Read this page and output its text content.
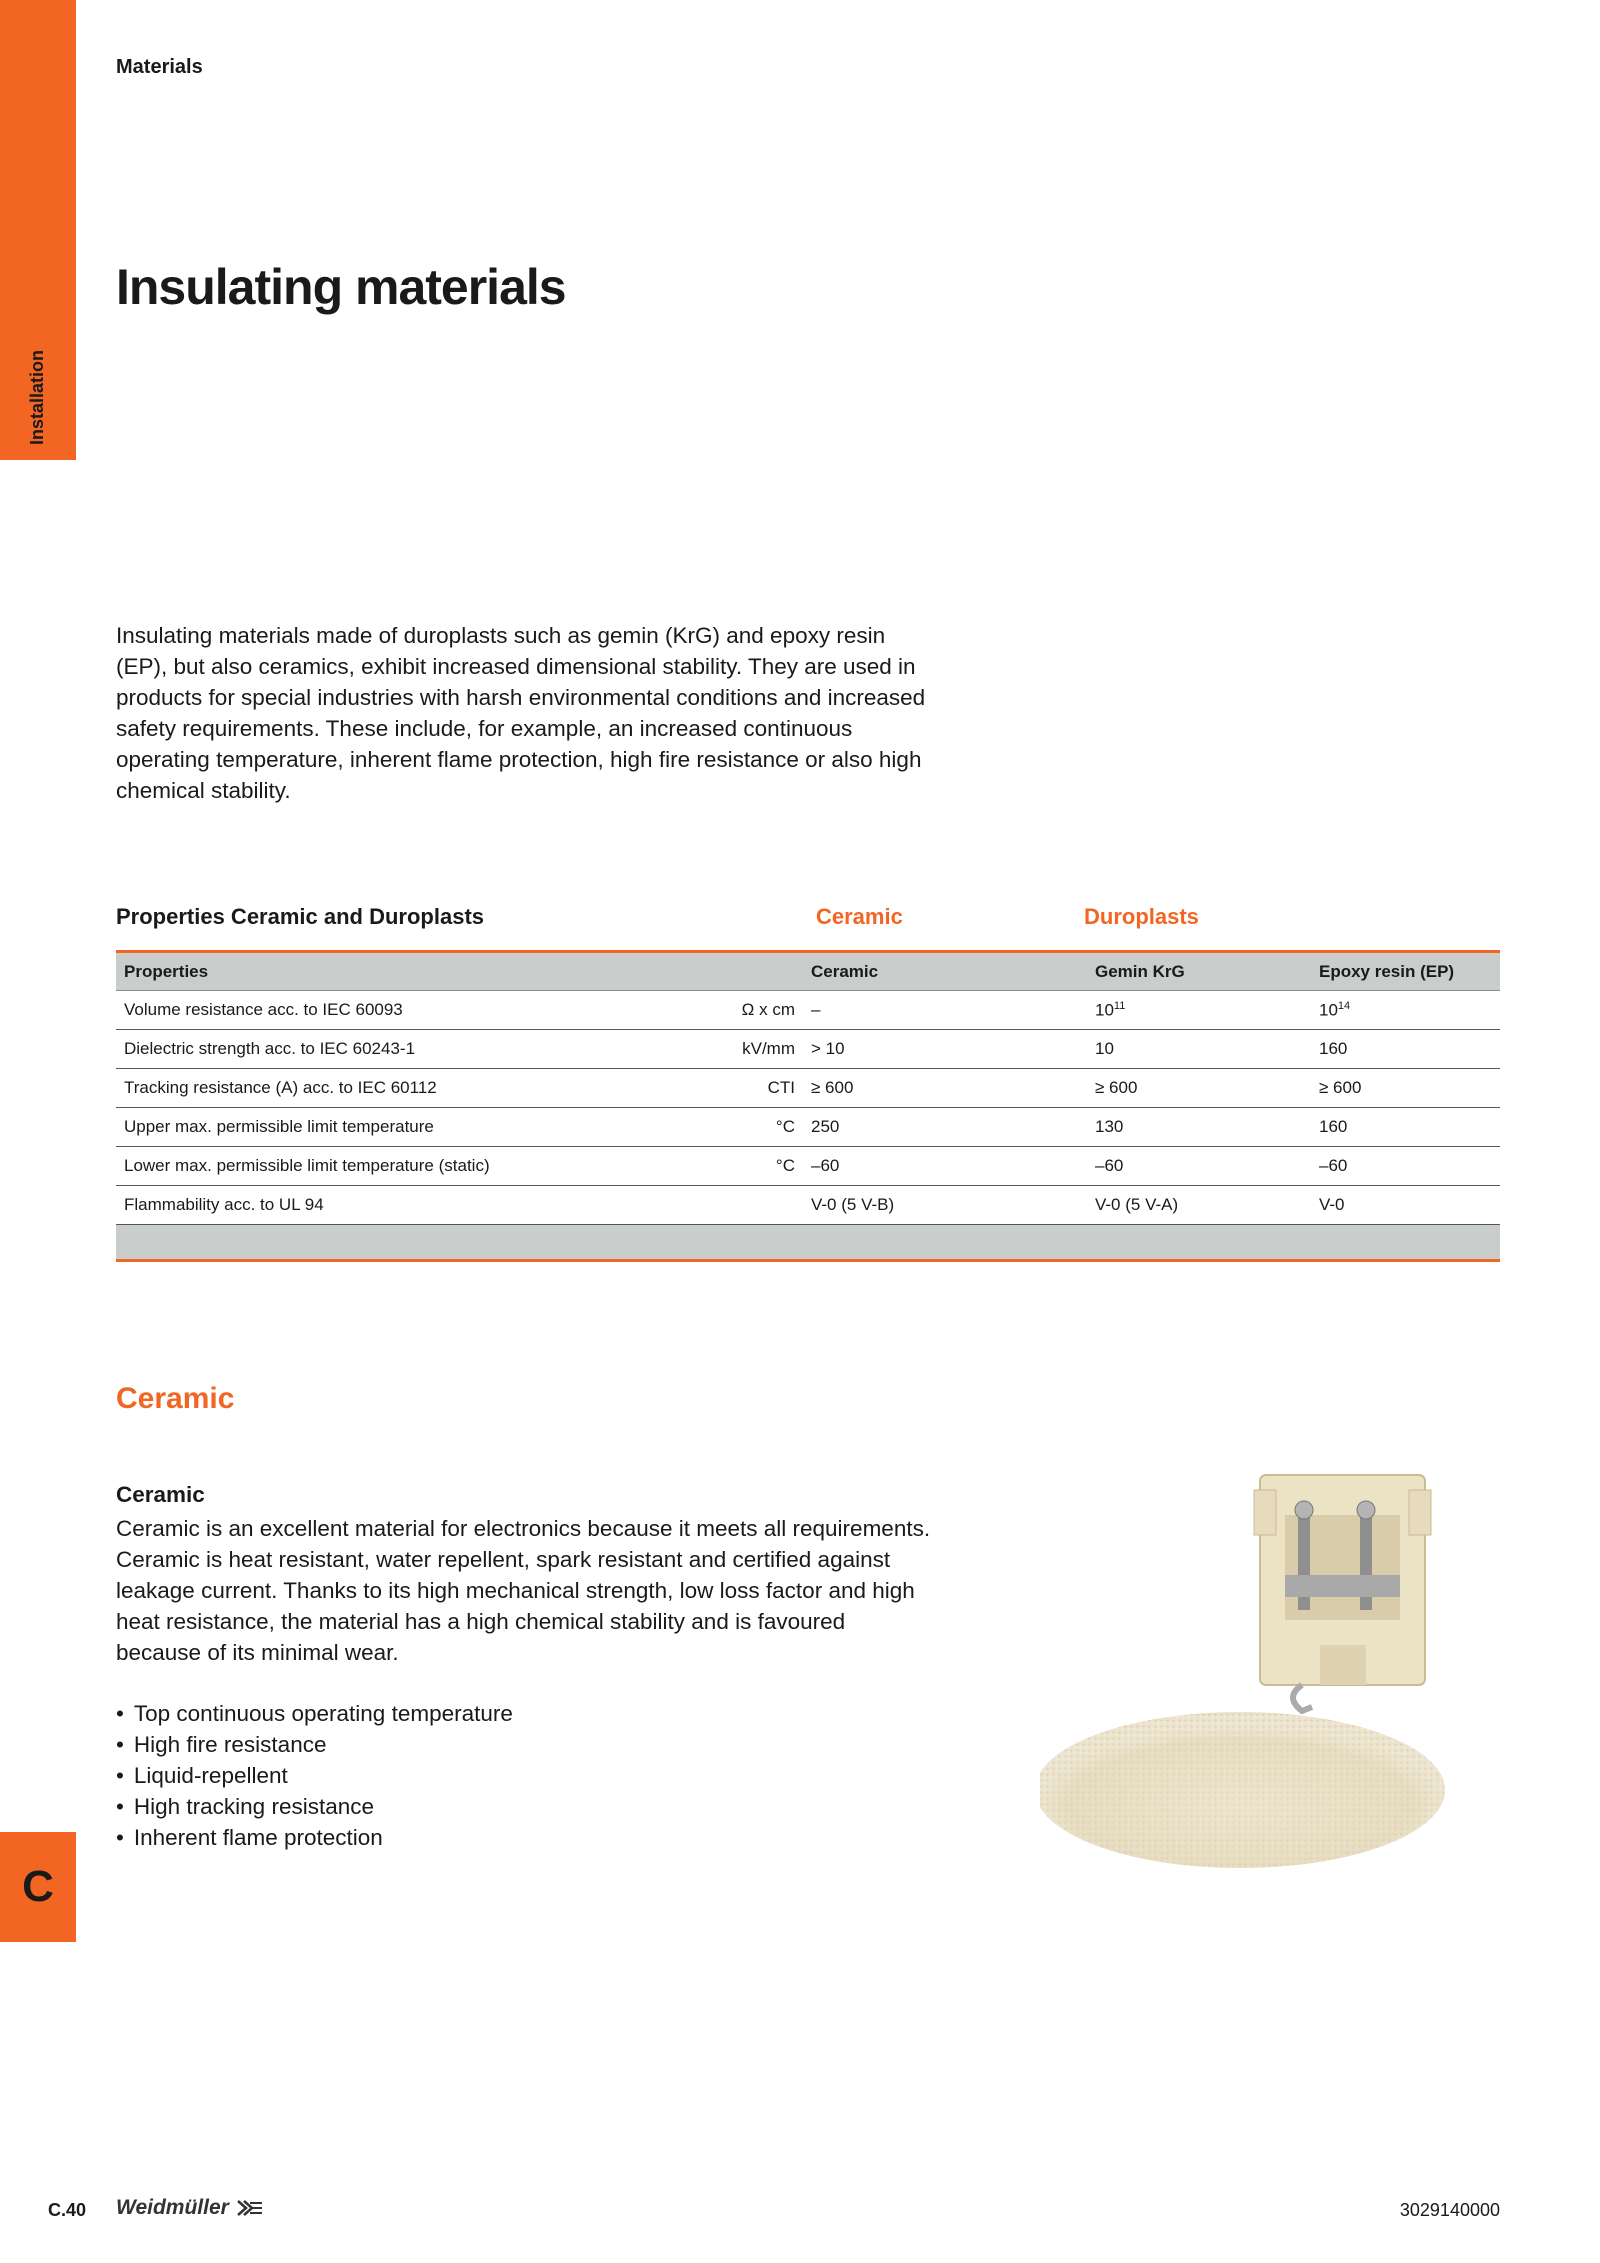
Installation
C
Materials
Insulating materials
Insulating materials made of duroplasts such as gemin (KrG) and epoxy resin (EP), but also ceramics, exhibit increased dimensional stability. They are used in products for special industries with harsh environmental conditions and increased safety requirements. These include, for example, an increased continuous operating temperature, inherent flame protection, high fire resistance or also high chemical stability.
Properties Ceramic and Duroplasts	Ceramic	Duroplasts
Properties		Ceramic	Gemin KrG	Epoxy resin (EP)
Volume resistance acc. to IEC 60093	Ω x cm	–	$10^{11}$	$10^{14}$
Dielectric strength acc. to IEC 60243-1	kV/mm	> 10	10	160
Tracking resistance (A) acc. to IEC 60112	CTI	≥ 600	≥ 600	≥ 600
Upper max. permissible limit temperature	°C	250	130	160
Lower max. permissible limit temperature (static)	°C	–60	–60	–60
Flammability acc. to UL 94		V-0 (5 V-B)	V-0 (5 V-A)	V-0

Ceramic
Ceramic
Ceramic is an excellent material for electronics because it meets all requirements. Ceramic is heat resistant, water repellent, spark resistant and certified against leakage current. Thanks to its high mechanical strength, low loss factor and high heat resistance, the material has a high chemical stability and is favoured because of its minimal wear.
• Top continuous operating temperature
• High fire resistance
• Liquid-repellent
• High tracking resistance
• Inherent flame protection
C.40 Weidmüller	3029140000
